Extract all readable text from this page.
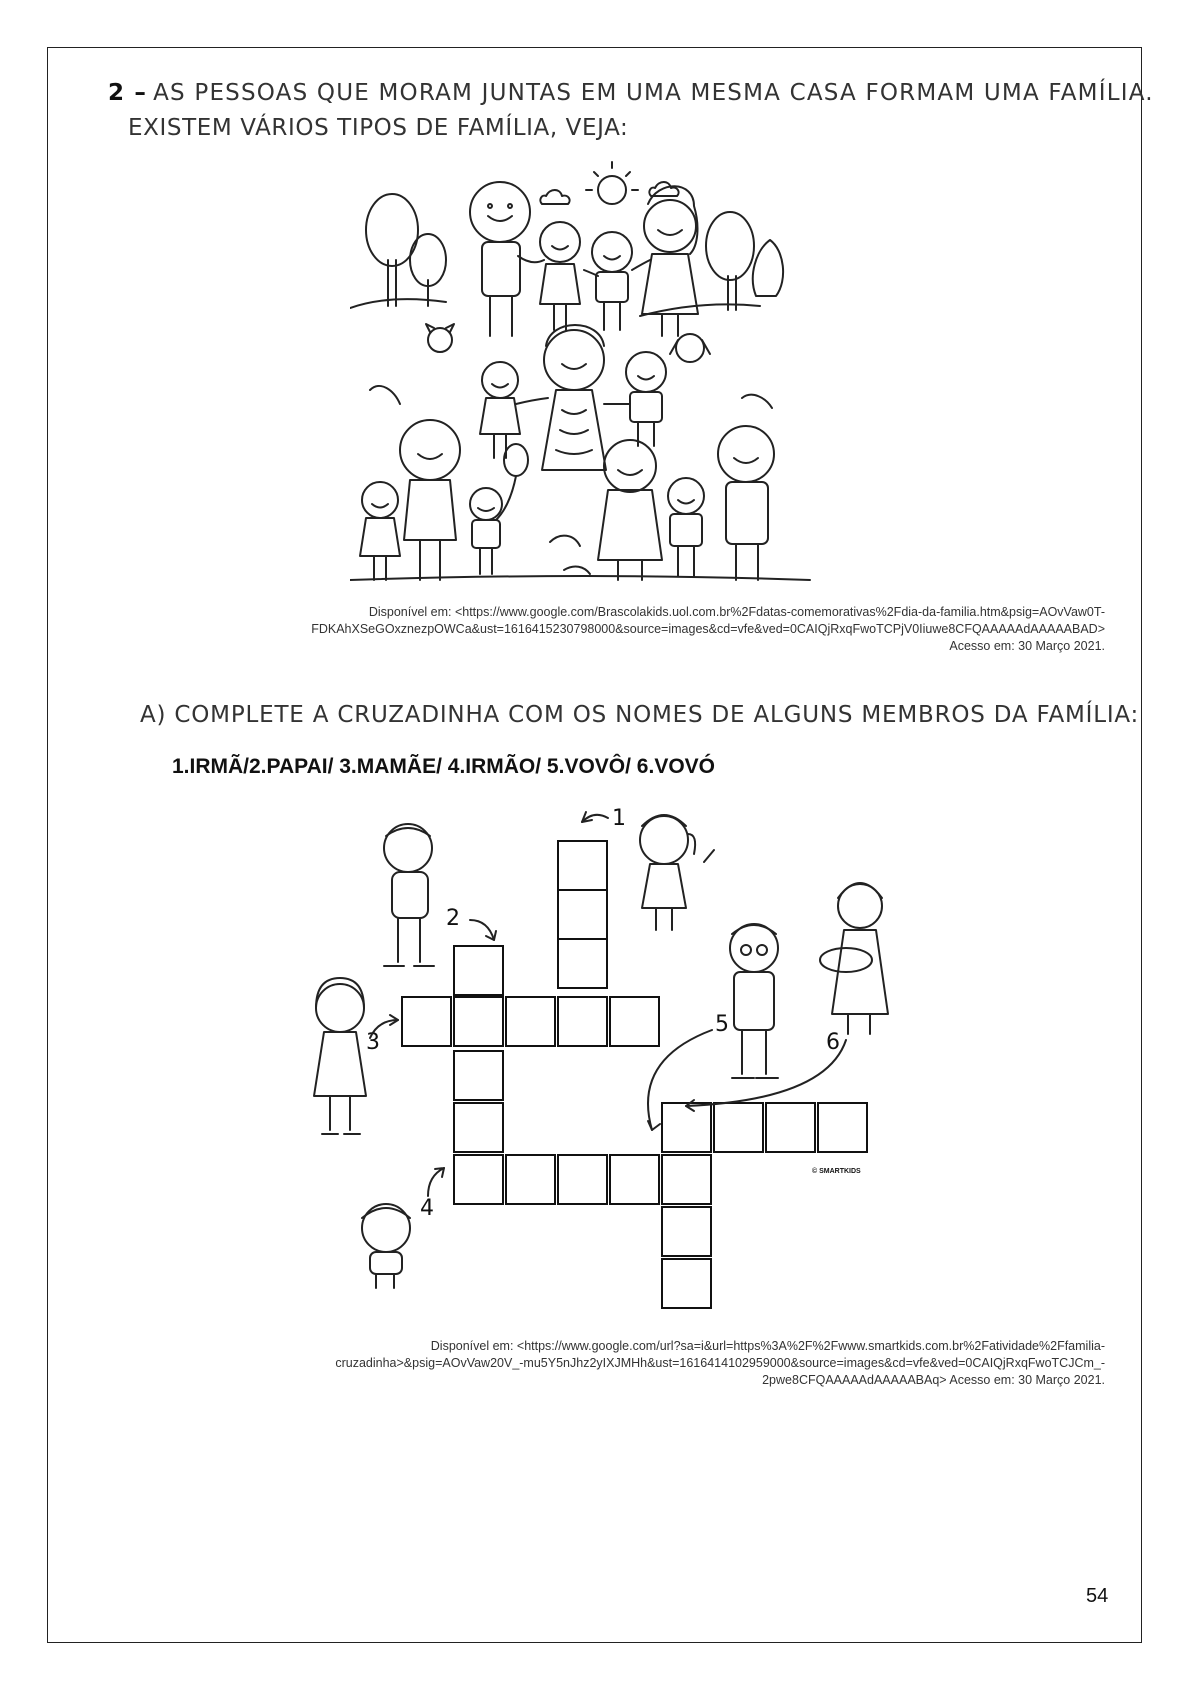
2 – AS PESSOAS QUE MORAM JUNTAS EM UMA MESMA CASA FORMAM UMA FAMÍLIA.
EXISTEM VÁRIOS TIPOS DE FAMÍLIA, VEJA:
Disponível em: <https://www.google.com/Brascolakids.uol.com.br%2Fdatas-comemorativas%2Fdia-da-familia.htm&psig=AOvVaw0T-
FDKAhXSeGOxznezpOWCa&ust=1616415230798000&source=images&cd=vfe&ved=0CAIQjRxqFwoTCPjV0Iiuwe8CFQAAAAAdAAAAABAD>
Acesso em: 30 Março 2021.
A) COMPLETE A CRUZADINHA COM OS NOMES DE ALGUNS MEMBROS DA FAMÍLIA:
1.IRMÃ/2.PAPAI/ 3.MAMÃE/ 4.IRMÃO/ 5.VOVÔ/ 6.VOVÓ
1
2
3
4
5
6
© SMARTKIDS
Disponível em: <https://www.google.com/url?sa=i&url=https%3A%2F%2Fwww.smartkids.com.br%2Fatividade%2Ffamilia-
cruzadinha>&psig=AOvVaw20V_-mu5Y5nJhz2yIXJMHh&ust=1616414102959000&source=images&cd=vfe&ved=0CAIQjRxqFwoTCJCm_-
2pwe8CFQAAAAAdAAAAABAq> Acesso em: 30 Março 2021.
54
